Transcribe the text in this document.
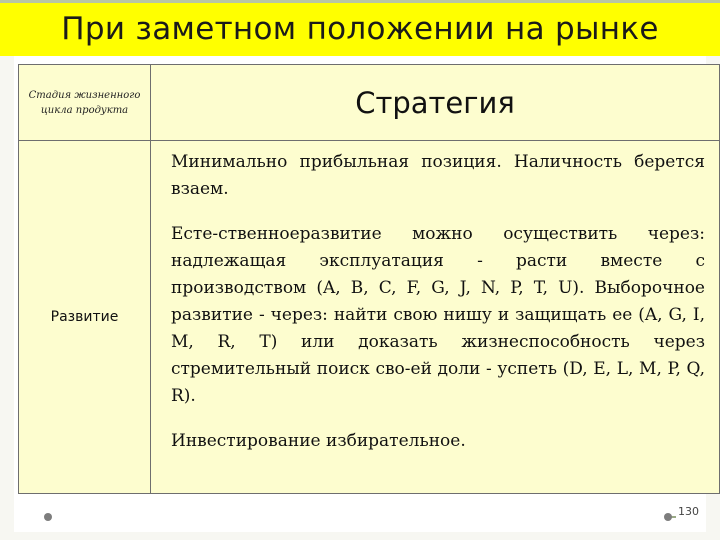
При заметном положении на рынке
Стадия жизненного цикла продукта	Стратегия
Развитие	Минимально прибыльная позиция. Наличность берется взаем.

Есте-ственноеразвитие можно осуществить через: надлежащая эксплуатация - расти вместе с производством (A, B, C, F, G, J, N, P, T, U). Выборочное развитие - через: найти свою нишу и защищать ее (A, G, I, M, R, T) или доказать жизнеспособность через стремительный поиск сво-ей доли - успеть (D, E, L, M, P, Q, R).

Инвестирование избирательное.

130
